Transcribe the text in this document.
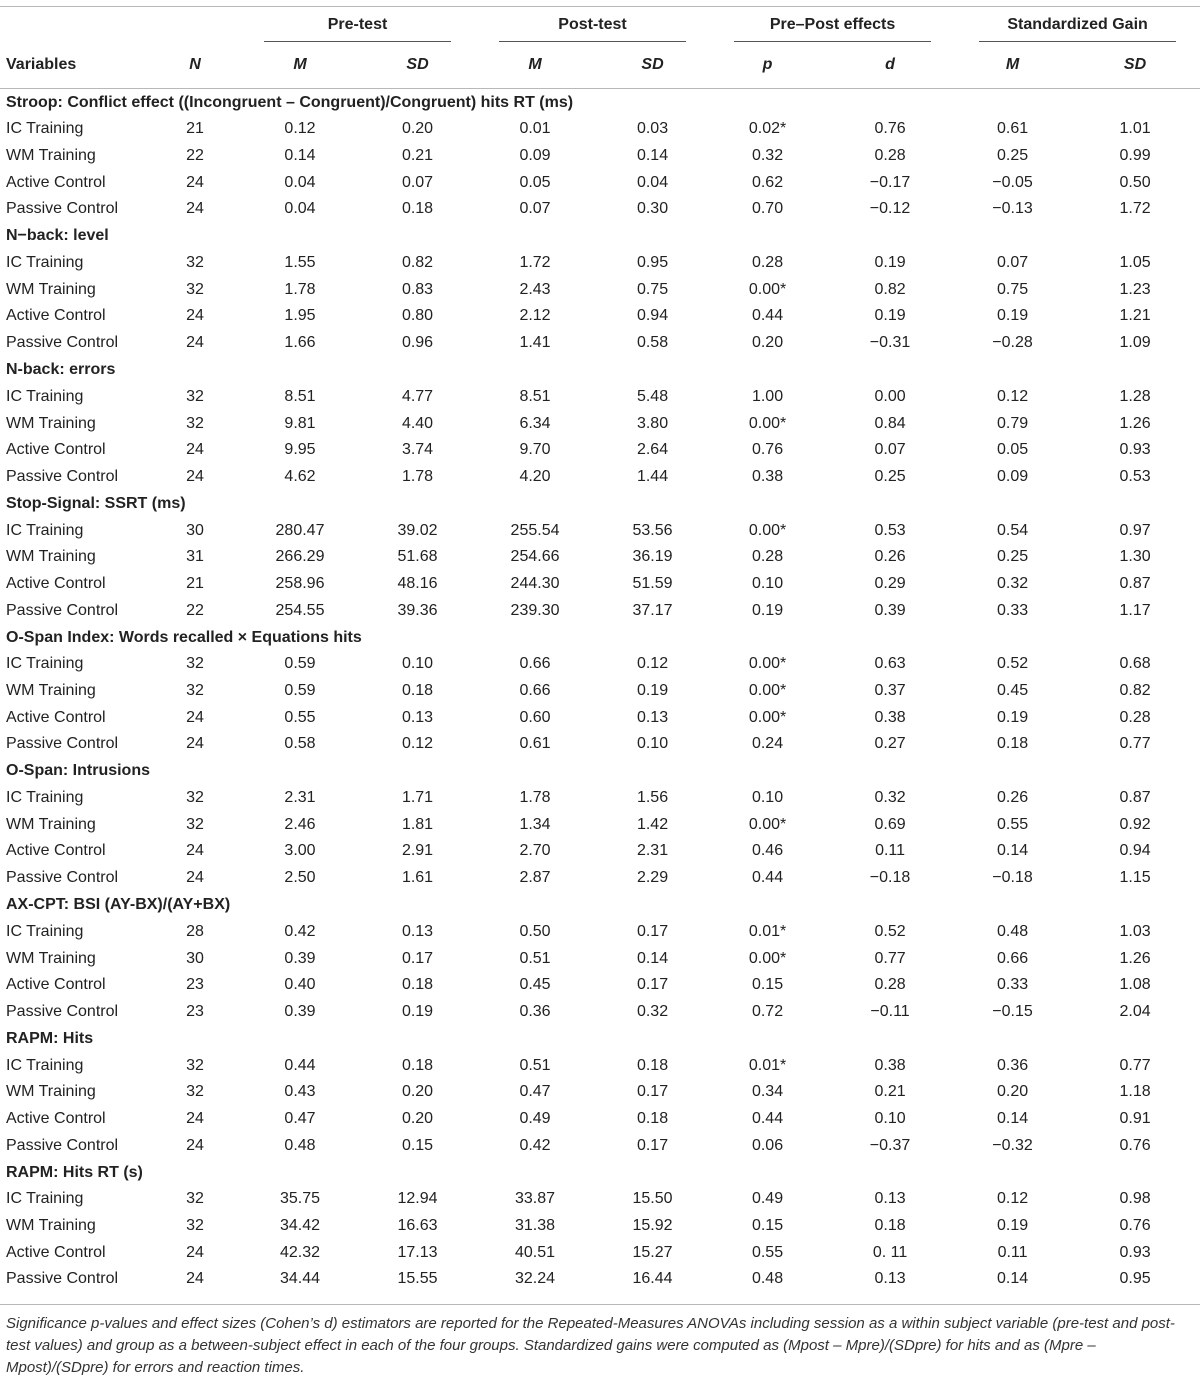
		Pre-test		Post-test		Pre–Post effects		Standardized Gain	

Variables	N	M	SD	M	SD	p	d	M	SD
Stroop: Conflict effect ((Incongruent – Congruent)/Congruent) hits RT (ms)									
IC Training	21	0.12	0.20	0.01	0.03	0.02*	0.76	0.61	1.01
WM Training	22	0.14	0.21	0.09	0.14	0.32	0.28	0.25	0.99
Active Control	24	0.04	0.07	0.05	0.04	0.62	−0.17	−0.05	0.50
Passive Control	24	0.04	0.18	0.07	0.30	0.70	−0.12	−0.13	1.72
N−back: level									
IC Training	32	1.55	0.82	1.72	0.95	0.28	0.19	0.07	1.05
WM Training	32	1.78	0.83	2.43	0.75	0.00*	0.82	0.75	1.23
Active Control	24	1.95	0.80	2.12	0.94	0.44	0.19	0.19	1.21
Passive Control	24	1.66	0.96	1.41	0.58	0.20	−0.31	−0.28	1.09
N-back: errors									
IC Training	32	8.51	4.77	8.51	5.48	1.00	0.00	0.12	1.28
WM Training	32	9.81	4.40	6.34	3.80	0.00*	0.84	0.79	1.26
Active Control	24	9.95	3.74	9.70	2.64	0.76	0.07	0.05	0.93
Passive Control	24	4.62	1.78	4.20	1.44	0.38	0.25	0.09	0.53
Stop-Signal: SSRT (ms)									
IC Training	30	280.47	39.02	255.54	53.56	0.00*	0.53	0.54	0.97
WM Training	31	266.29	51.68	254.66	36.19	0.28	0.26	0.25	1.30
Active Control	21	258.96	48.16	244.30	51.59	0.10	0.29	0.32	0.87
Passive Control	22	254.55	39.36	239.30	37.17	0.19	0.39	0.33	1.17
O-Span Index: Words recalled × Equations hits									
IC Training	32	0.59	0.10	0.66	0.12	0.00*	0.63	0.52	0.68
WM Training	32	0.59	0.18	0.66	0.19	0.00*	0.37	0.45	0.82
Active Control	24	0.55	0.13	0.60	0.13	0.00*	0.38	0.19	0.28
Passive Control	24	0.58	0.12	0.61	0.10	0.24	0.27	0.18	0.77
O-Span: Intrusions									
IC Training	32	2.31	1.71	1.78	1.56	0.10	0.32	0.26	0.87
WM Training	32	2.46	1.81	1.34	1.42	0.00*	0.69	0.55	0.92
Active Control	24	3.00	2.91	2.70	2.31	0.46	0.11	0.14	0.94
Passive Control	24	2.50	1.61	2.87	2.29	0.44	−0.18	−0.18	1.15
AX-CPT: BSI (AY-BX)/(AY+BX)									
IC Training	28	0.42	0.13	0.50	0.17	0.01*	0.52	0.48	1.03
WM Training	30	0.39	0.17	0.51	0.14	0.00*	0.77	0.66	1.26
Active Control	23	0.40	0.18	0.45	0.17	0.15	0.28	0.33	1.08
Passive Control	23	0.39	0.19	0.36	0.32	0.72	−0.11	−0.15	2.04
RAPM: Hits									
IC Training	32	0.44	0.18	0.51	0.18	0.01*	0.38	0.36	0.77
WM Training	32	0.43	0.20	0.47	0.17	0.34	0.21	0.20	1.18
Active Control	24	0.47	0.20	0.49	0.18	0.44	0.10	0.14	0.91
Passive Control	24	0.48	0.15	0.42	0.17	0.06	−0.37	−0.32	0.76
RAPM: Hits RT (s)									
IC Training	32	35.75	12.94	33.87	15.50	0.49	0.13	0.12	0.98
WM Training	32	34.42	16.63	31.38	15.92	0.15	0.18	0.19	0.76
Active Control	24	42.32	17.13	40.51	15.27	0.55	0. 11	0.11	0.93
Passive Control	24	34.44	15.55	32.24	16.44	0.48	0.13	0.14	0.95
Significance p-values and effect sizes (Cohen’s d) estimators are reported for the Repeated-Measures ANOVAs including session as a within subject variable (pre-test and post-test values) and group as a between-subject effect in each of the four groups. Standardized gains were computed as (Mpost – Mpre)/(SDpre) for hits and as (Mpre – Mpost)/(SDpre) for errors and reaction times.
